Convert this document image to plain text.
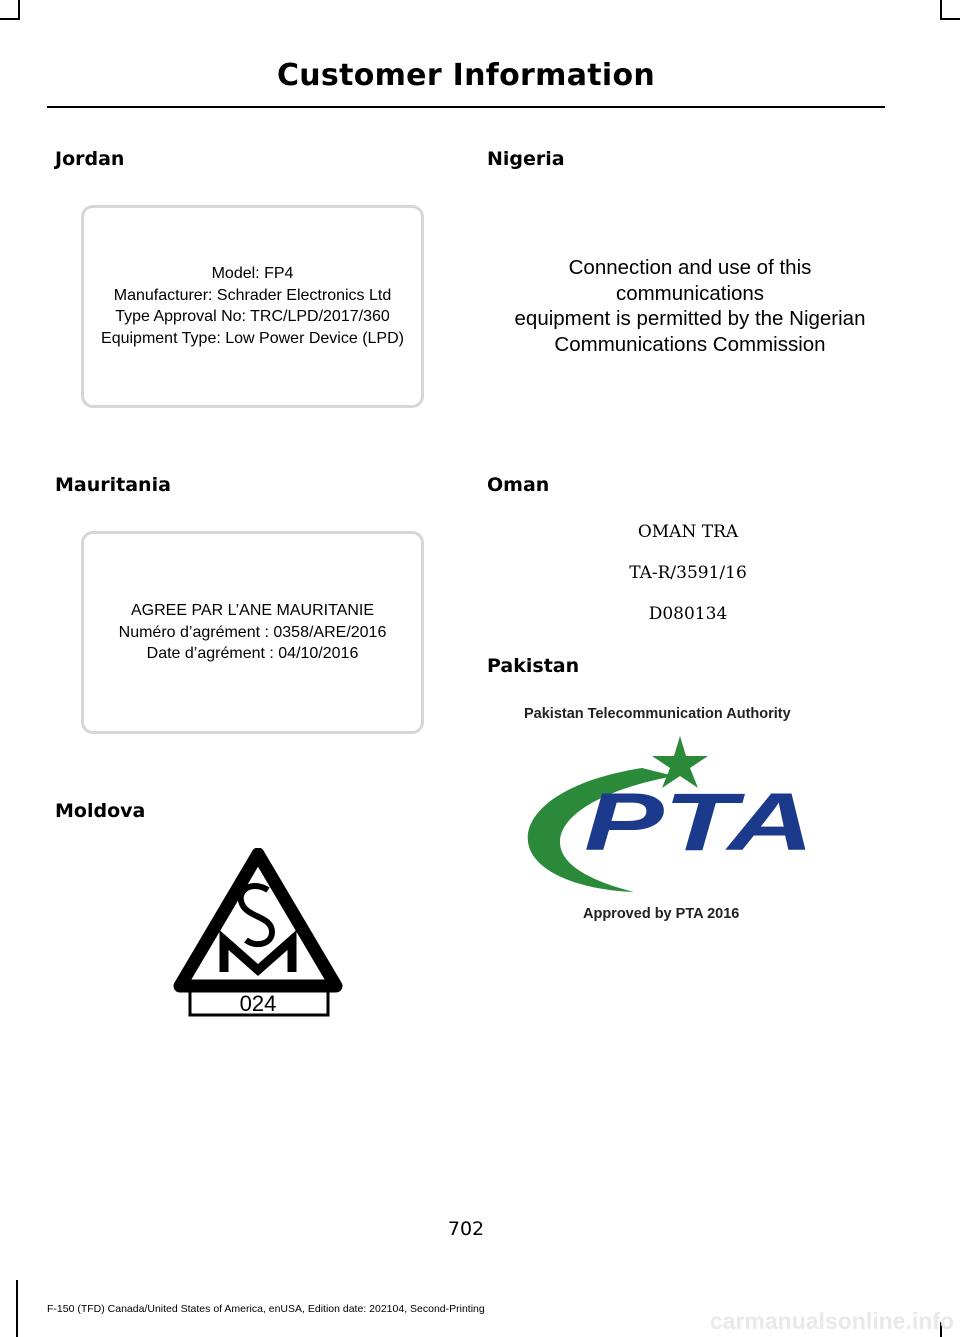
Customer Information
Jordan
Model: FP4
Manufacturer: Schrader Electronics Ltd
Type Approval No: TRC/LPD/2017/360
Equipment Type: Low Power Device (LPD)
Mauritania
AGREE PAR L’ANE MAURITANIE
Numéro d’agrément : 0358/ARE/2016
Date d’agrément : 04/10/2016
Moldova
024
Nigeria
Connection and use of this
communications
equipment is permitted by the Nigerian
Communications Commission
Oman
OMAN TRA
TA-R/3591/16
D080134
Pakistan
Pakistan Telecommunication Authority
PTA
Approved by PTA 2016
702
F-150 (TFD) Canada/United States of America, enUSA, Edition date: 202104, Second-Printing	carmanualsonline.info
